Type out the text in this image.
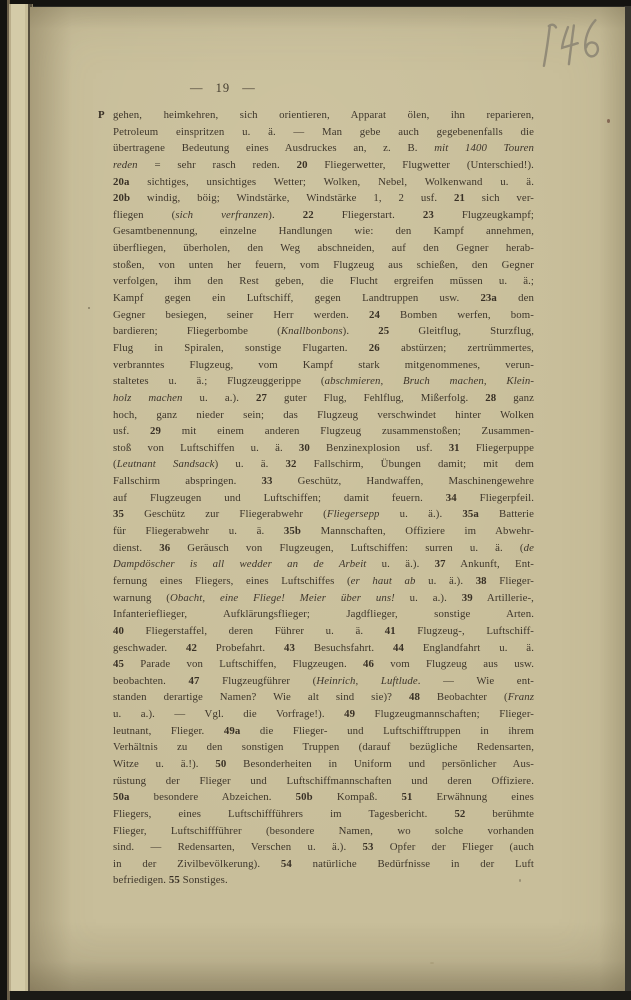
— 19 —
P gehen, heimkehren, sich orientieren, Apparat ölen, ihn reparieren,
Petroleum einspritzen u. ä. — Man gebe auch gegebenenfalls die
übertragene Bedeutung eines Ausdruckes an, z. B. mit 1400 Touren
reden = sehr rasch reden. 20 Fliegerwetter, Flugwetter (Unterschied!).
20a sichtiges, unsichtiges Wetter; Wolken, Nebel, Wolkenwand u. ä.
20b windig, böig; Windstärke, Windstärke 1, 2 usf. 21 sich ver-
fliegen (sich verfranzen). 22 Fliegerstart. 23 Flugzeugkampf;
Gesamtbenennung, einzelne Handlungen wie: den Kampf annehmen,
überfliegen, überholen, den Weg abschneiden, auf den Gegner herab-
stoßen, von unten her feuern, vom Flugzeug aus schießen, den Gegner
verfolgen, ihm den Rest geben, die Flucht ergreifen müssen u. ä.;
Kampf gegen ein Luftschiff, gegen Landtruppen usw. 23a den
Gegner besiegen, seiner Herr werden. 24 Bomben werfen, bom-
bardieren; Fliegerbombe (Knallbonbons). 25 Gleitflug, Sturzflug,
Flug in Spiralen, sonstige Flugarten. 26 abstürzen; zertrümmertes,
verbranntes Flugzeug, vom Kampf stark mitgenommenes, verun-
staltetes u. ä.; Flugzeuggerippe (abschmieren, Bruch machen, Klein-
holz machen u. a.). 27 guter Flug, Fehlflug, Mißerfolg. 28 ganz
hoch, ganz nieder sein; das Flugzeug verschwindet hinter Wolken
usf. 29 mit einem anderen Flugzeug zusammenstoßen; Zusammen-
stoß von Luftschiffen u. ä. 30 Benzinexplosion usf. 31 Fliegerpuppe
(Leutnant Sandsack) u. ä. 32 Fallschirm, Übungen damit; mit dem
Fallschirm abspringen. 33 Geschütz, Handwaffen, Maschinengewehre
auf Flugzeugen und Luftschiffen; damit feuern. 34 Fliegerpfeil.
35 Geschütz zur Fliegerabwehr (Fliegersepp u. ä.). 35a Batterie
für Fliegerabwehr u. ä. 35b Mannschaften, Offiziere im Abwehr-
dienst. 36 Geräusch von Flugzeugen, Luftschiffen: surren u. ä. (de
Dampdöscher is all wedder an de Arbeit u. ä.). 37 Ankunft, Ent-
fernung eines Fliegers, eines Luftschiffes (er haut ab u. ä.). 38 Flieger-
warnung (Obacht, eine Fliege! Meier über uns! u. a.). 39 Artillerie-,
Infanterieflieger, Aufklärungsflieger; Jagdflieger, sonstige Arten.
40 Fliegerstaffel, deren Führer u. ä. 41 Flugzeug-, Luftschiff-
geschwader. 42 Probefahrt. 43 Besuchsfahrt. 44 Englandfahrt u. ä.
45 Parade von Luftschiffen, Flugzeugen. 46 vom Flugzeug aus usw.
beobachten. 47 Flugzeugführer (Heinrich, Luftlude. — Wie ent-
standen derartige Namen? Wie alt sind sie)? 48 Beobachter (Franz
u. a.). — Vgl. die Vorfrage!). 49 Flugzeugmannschaften; Flieger-
leutnant, Flieger. 49a die Flieger- und Luftschifftruppen in ihrem
Verhältnis zu den sonstigen Truppen (darauf bezügliche Redensarten,
Witze u. ä.!). 50 Besonderheiten in Uniform und persönlicher Aus-
rüstung der Flieger und Luftschiffmannschaften und deren Offiziere.
50a besondere Abzeichen. 50b Kompaß. 51 Erwähnung eines
Fliegers, eines Luftschiffführers im Tagesbericht. 52 berühmte
Flieger, Luftschiffführer (besondere Namen, wo solche vorhanden
sind. — Redensarten, Verschen u. ä.). 53 Opfer der Flieger (auch
in der Zivilbevölkerung). 54 natürliche Bedürfnisse in der Luft
befriedigen. 55 Sonstiges.
